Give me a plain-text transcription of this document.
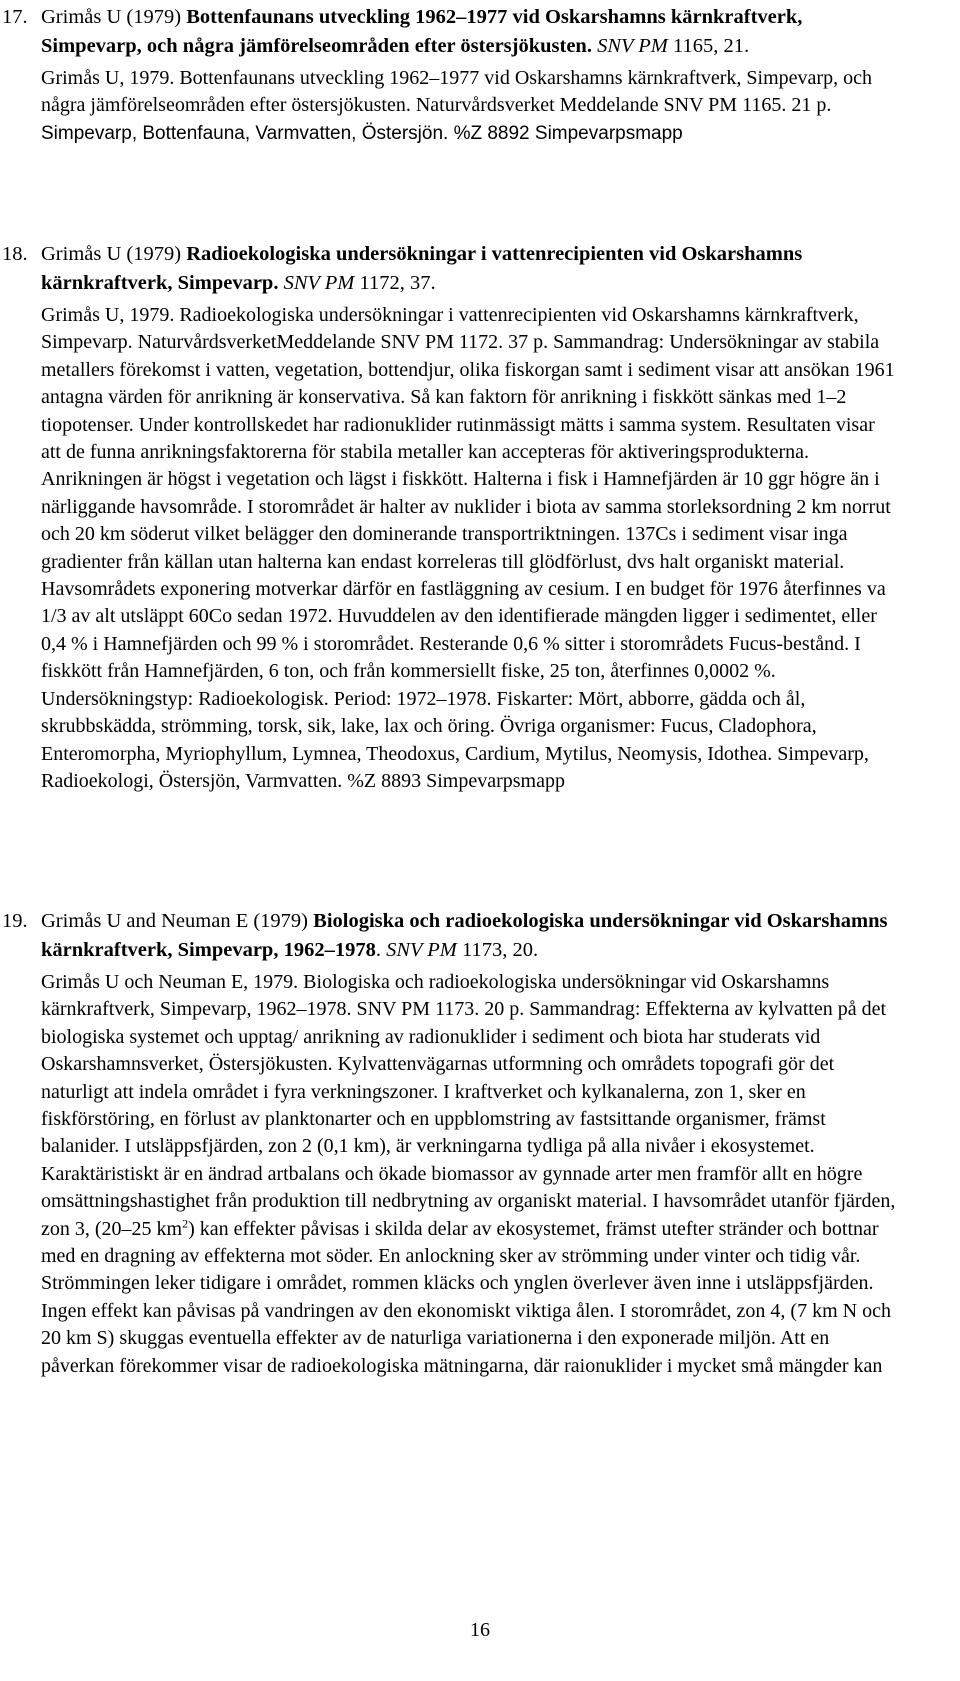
17. Grimås U (1979) Bottenfaunans utveckling 1962–1977 vid Oskarshamns kärnkraftverk, Simpevarp, och några jämförelseområden efter östersjökusten. SNV PM 1165, 21.
Grimås U, 1979. Bottenfaunans utveckling 1962–1977 vid Oskarshamns kärnkraftverk, Simpevarp, och några jämförelseområden efter östersjökusten. Naturvårdsverket Meddelande SNV PM 1165. 21 p. Simpevarp, Bottenfauna, Varmvatten, Östersjön. %Z 8892 Simpevarpsmapp
18. Grimås U (1979) Radioekologiska undersökningar i vattenrecipienten vid Oskarshamns kärnkraftverk, Simpevarp. SNV PM 1172, 37.
Grimås U, 1979. Radioekologiska undersökningar i vattenrecipienten vid Oskarshamns kärnkraftverk, Simpevarp. NaturvårdsverketMeddelande SNV PM 1172. 37 p. Sammandrag: Undersökningar av stabila metallers förekomst i vatten, vegetation, bottendjur, olika fiskorgan samt i sediment visar att ansökan 1961 antagna värden för anrikning är konservativa. Så kan faktorn för anrikning i fiskkött sänkas med 1–2 tiopotenser. Under kontrollskedet har radionuklider rutinmässigt mätts i samma system. Resultaten visar att de funna anrikningsfaktorerna för stabila metaller kan accepteras för aktiveringsprodukterna. Anrikningen är högst i vegetation och lägst i fiskkött. Halterna i fisk i Hamnefjärden är 10 ggr högre än i närliggande havsområde. I storområdet är halter av nuklider i biota av samma storleksordning 2 km norrut och 20 km söderut vilket belägger den dominerande transportriktningen. 137Cs i sediment visar inga gradienter från källan utan halterna kan endast korreleras till glödförlust, dvs halt organiskt material. Havsområdets exponering motverkar därför en fastläggning av cesium. I en budget för 1976 återfinnes va 1/3 av alt utsläppt 60Co sedan 1972. Huvuddelen av den identifierade mängden ligger i sedimentet, eller 0,4 % i Hamnefjärden och 99 % i storområdet. Resterande 0,6 % sitter i storområdets Fucus-bestånd. I fiskkött från Hamnefjärden, 6 ton, och från kommersiellt fiske, 25 ton, återfinnes 0,0002 %. Undersökningstyp: Radioekologisk. Period: 1972–1978. Fiskarter: Mört, abborre, gädda och ål, skrubbskädda, strömming, torsk, sik, lake, lax och öring. Övriga organismer: Fucus, Cladophora, Enteromorpha, Myriophyllum, Lymnea, Theodoxus, Cardium, Mytilus, Neomysis, Idothea. Simpevarp, Radioekologi, Östersjön, Varmvatten. %Z 8893 Simpevarpsmapp
19. Grimås U and Neuman E (1979) Biologiska och radioekologiska undersökningar vid Oskarshamns kärnkraftverk, Simpevarp, 1962–1978. SNV PM 1173, 20.
Grimås U och Neuman E, 1979. Biologiska och radioekologiska undersökningar vid Oskarshamns kärnkraftverk, Simpevarp, 1962–1978. SNV PM 1173. 20 p. Sammandrag: Effekterna av kylvatten på det biologiska systemet och upptag/ anrikning av radionuklider i sediment och biota har studerats vid Oskarshamnsverket, Östersjökusten. Kylvattenvägarnas utformning och områdets topografi gör det naturligt att indela området i fyra verkningszoner. I kraftverket och kylkanalerna, zon 1, sker en fiskförstöring, en förlust av planktonarter och en uppblomstring av fastsittande organismer, främst balanider. I utsläppsfjärden, zon 2 (0,1 km), är verkningarna tydliga på alla nivåer i ekosystemet. Karaktäristiskt är en ändrad artbalans och ökade biomassor av gynnade arter men framför allt en högre omsättningshastighet från produktion till nedbrytning av organiskt material. I havsområdet utanför fjärden, zon 3, (20–25 $km^2$) kan effekter påvisas i skilda delar av ekosystemet, främst utefter stränder och bottnar med en dragning av effekterna mot söder. En anlockning sker av strömming under vinter och tidig vår. Strömmingen leker tidigare i området, rommen kläcks och ynglen överlever även inne i utsläppsfjärden. Ingen effekt kan påvisas på vandringen av den ekonomiskt viktiga ålen. I storområdet, zon 4, (7 km N och 20 km S) skuggas eventuella effekter av de naturliga variationerna i den exponerade miljön. Att en påverkan förekommer visar de radioekologiska mätningarna, där raionuklider i mycket små mängder kan
16
